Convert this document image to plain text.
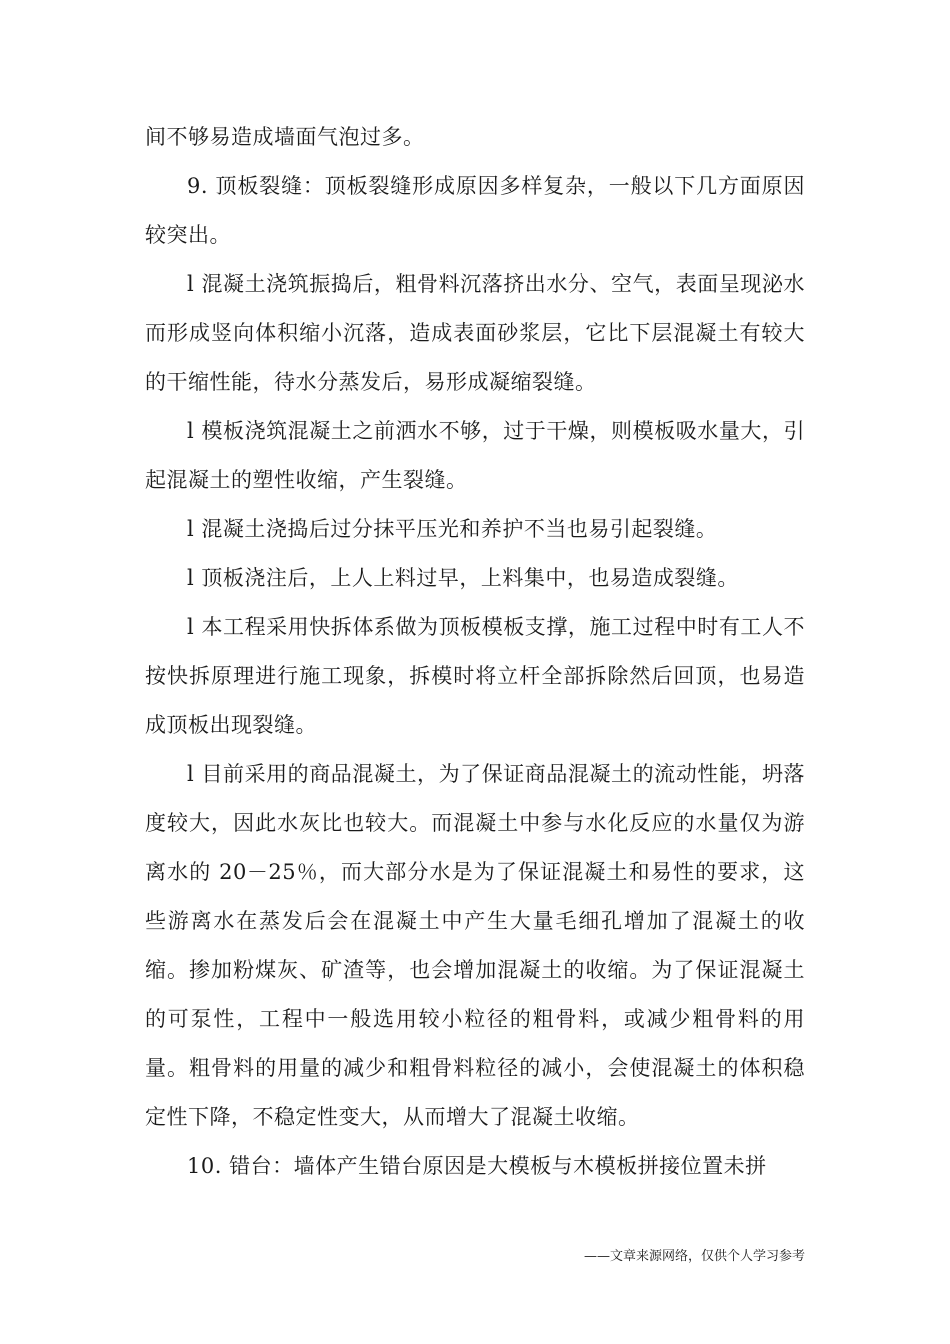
间不够易造成墙面气泡过多。

9. 顶板裂缝：顶板裂缝形成原因多样复杂，一般以下几方面原因较突出。

l 混凝土浇筑振捣后，粗骨料沉落挤出水分、空气，表面呈现泌水而形成竖向体积缩小沉落，造成表面砂浆层，它比下层混凝土有较大的干缩性能，待水分蒸发后，易形成凝缩裂缝。

l 模板浇筑混凝土之前洒水不够，过于干燥，则模板吸水量大，引起混凝土的塑性收缩，产生裂缝。

l 混凝土浇捣后过分抹平压光和养护不当也易引起裂缝。

l 顶板浇注后，上人上料过早，上料集中，也易造成裂缝。

l 本工程采用快拆体系做为顶板模板支撑，施工过程中时有工人不按快拆原理进行施工现象，拆模时将立杆全部拆除然后回顶，也易造成顶板出现裂缝。

l 目前采用的商品混凝土，为了保证商品混凝土的流动性能，坍落度较大，因此水灰比也较大。而混凝土中参与水化反应的水量仅为游离水的 20－25％，而大部分水是为了保证混凝土和易性的要求，这些游离水在蒸发后会在混凝土中产生大量毛细孔增加了混凝土的收缩。掺加粉煤灰、矿渣等，也会增加混凝土的收缩。为了保证混凝土的可泵性，工程中一般选用较小粒径的粗骨料，或减少粗骨料的用量。粗骨料的用量的减少和粗骨料粒径的减小，会使混凝土的体积稳定性下降，不稳定性变大，从而增大了混凝土收缩。

10. 错台：墙体产生错台原因是大模板与木模板拼接位置未拼

——文章来源网络，仅供个人学习参考
